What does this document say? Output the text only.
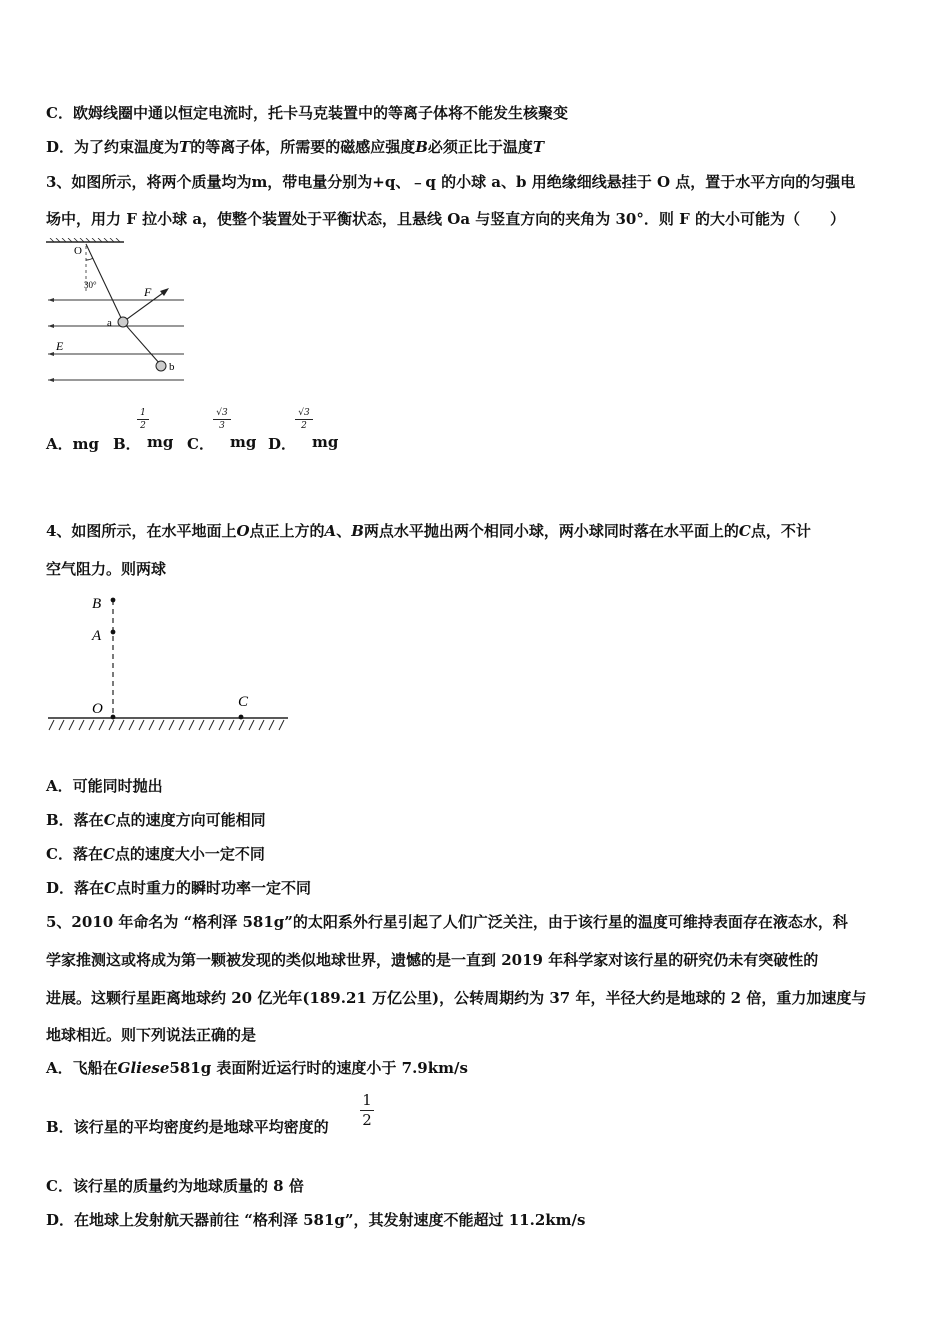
C．欧姆线圈中通以恒定电流时，托卡马克装置中的等离子体将不能发生核聚变
D．为了约束温度为T的等离子体，所需要的磁感应强度B必须正比于温度T
3、如图所示，将两个质量均为m，带电量分别为+q、﹣q 的小球 a、b 用绝缘细线悬挂于 O 点，置于水平方向的匀强电
场中，用力 F 拉小球 a，使整个装置处于平衡状态，且悬线 Oa 与竖直方向的夹角为 30°．则 F 的大小可能为（　　）
O
30°	F
a
E
b
A．mg B．
1
2
mg C．
√3
3
mg D．
√3
2
mg
4、如图所示，在水平地面上O点正上方的A、B两点水平抛出两个相同小球，两小球同时落在水平面上的C点，不计
空气阻力。则两球
B
A
O	C
A．可能同时抛出
B．落在C点的速度方向可能相同
C．落在C点的速度大小一定不同
D．落在C点时重力的瞬时功率一定不同
5、2010 年命名为 “格利泽 581g”的太阳系外行星引起了人们广泛关注，由于该行星的温度可维持表面存在液态水，科
学家推测这或将成为第一颗被发现的类似地球世界，遗憾的是一直到 2019 年科学家对该行星的研究仍未有突破性的
进展。这颗行星距离地球约 20 亿光年(189.21 万亿公里)，公转周期约为 37 年，半径大约是地球的 2 倍，重力加速度与
地球相近。则下列说法正确的是
A．飞船在Gliese581g 表面附近运行时的速度小于 7.9km/s
B．该行星的平均密度约是地球平均密度的
1
2
C．该行星的质量约为地球质量的 8 倍
D．在地球上发射航天器前往 “格利泽 581g”，其发射速度不能超过 11.2km/s
